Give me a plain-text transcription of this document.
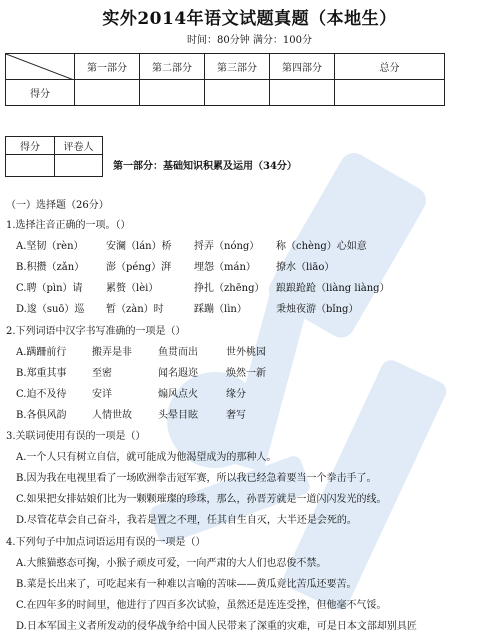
实外2014年语文试题真题（本地生）
时间：80分钟 满分：100分
	第一部分	第二部分	第三部分	第四部分	总分
得分					
得分	评卷人

第一部分：基础知识积累及运用（34分）
（一）选择题（26分）
1.选择注音正确的一项。（）
A.坚韧（rèn） 安澜（lán）桥 捋弄（nóng） 称（chèng）心如意
B.积攒（zǎn） 澎（péng）湃 埋怨（mán） 撩水（liāo）
C.聘（pìn）请 累赘（lèi）	挣扎（zhēng） 踉踉跄跄（liàng liàng）
D.逡（suō）巡 暂（zàn）时	踩蹦（lìn）	秉烛夜游（bǐng）
2.下列词语中汉字书写准确的一项是（）
A.蹒跚前行	搬弄是非	鱼贯而出	世外桃园
B.郑重其事	至密	闻名遐迩	焕然一新
C.迫不及待	安详	煽风点火	缘分
B.各俱风韵	人情世故	头晕目眩	奢写
3.关联词使用有误的一项是（）
A.一个人只有树立自信，就可能成为他渴望成为的那种人。
B.因为我在电视里看了一场欧洲拳击冠军赛，所以我已经急着要当一个拳击手了。
C.如果把女排姑娘们比为一颗颗璀璨的珍珠，那么，孙晋芳就是一道闪闪发光的线。
D.尽管花草会自己奋斗，我若是置之不理，任其自生自灭，大半还是会死的。
4.下列句子中加点词语运用有误的一项是（）
A.大熊猫憨态可掬，小猴子顽皮可爱，一向严肃的大人们也忍俊不禁。
B.菜是长出来了，可吃起来有一种难以言喻的苦味——黄瓜竟比苦瓜还要苦。
C.在四年多的时间里，他进行了四百多次试验，虽然还是连连受挫，但他毫不气馁。
D.日本军国主义者所发动的侵华战争给中国人民带来了深重的灾难，可是日本文部却别具匠
